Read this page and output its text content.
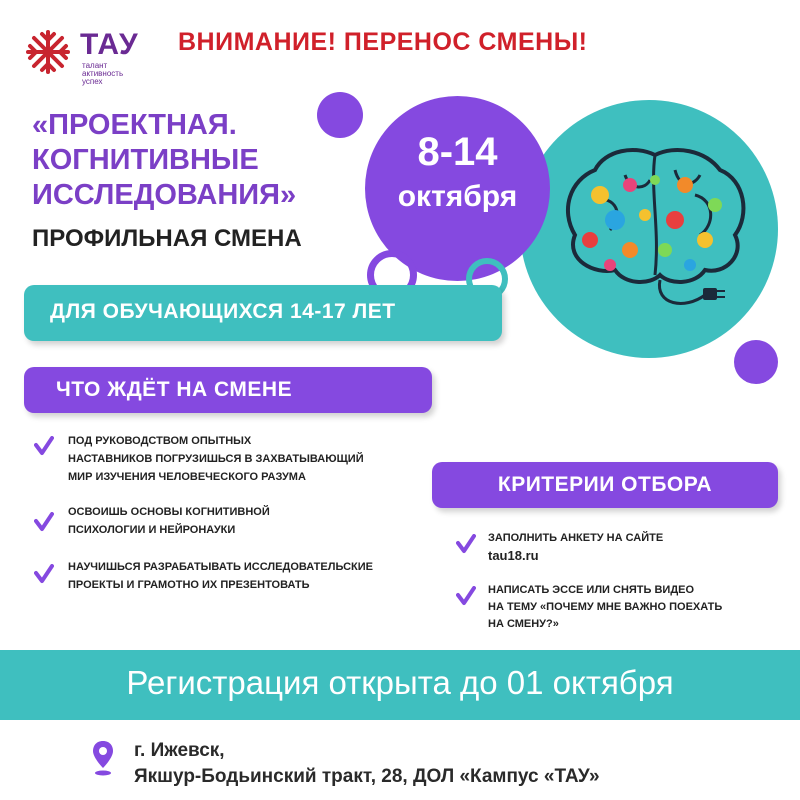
ТАУ
талант
активность
успех
ВНИМАНИЕ! ПЕРЕНОС СМЕНЫ!
«ПРОЕКТНАЯ.
КОГНИТИВНЫЕ
ИССЛЕДОВАНИЯ»
ПРОФИЛЬНАЯ СМЕНА
8-14
октября
ДЛЯ ОБУЧАЮЩИХСЯ 14-17 ЛЕТ
ЧТО ЖДЁТ НА СМЕНЕ
ПОД РУКОВОДСТВОМ ОПЫТНЫХ
НАСТАВНИКОВ ПОГРУЗИШЬСЯ В ЗАХВАТЫВАЮЩИЙ
МИР ИЗУЧЕНИЯ ЧЕЛОВЕЧЕСКОГО РАЗУМА
ОСВОИШЬ ОСНОВЫ КОГНИТИВНОЙ
ПСИХОЛОГИИ И НЕЙРОНАУКИ
НАУЧИШЬСЯ РАЗРАБАТЫВАТЬ ИССЛЕДОВАТЕЛЬСКИЕ
ПРОЕКТЫ И ГРАМОТНО ИХ ПРЕЗЕНТОВАТЬ
КРИТЕРИИ ОТБОРА
ЗАПОЛНИТЬ АНКЕТУ НА САЙТЕ
tau18.ru
НАПИСАТЬ ЭССЕ ИЛИ СНЯТЬ ВИДЕО
НА ТЕМУ «ПОЧЕМУ МНЕ ВАЖНО ПОЕХАТЬ
НА СМЕНУ?»
Регистрация открыта до 01 октября
г. Ижевск,
Якшур-Бодьинский тракт, 28, ДОЛ «Кампус «ТАУ»
